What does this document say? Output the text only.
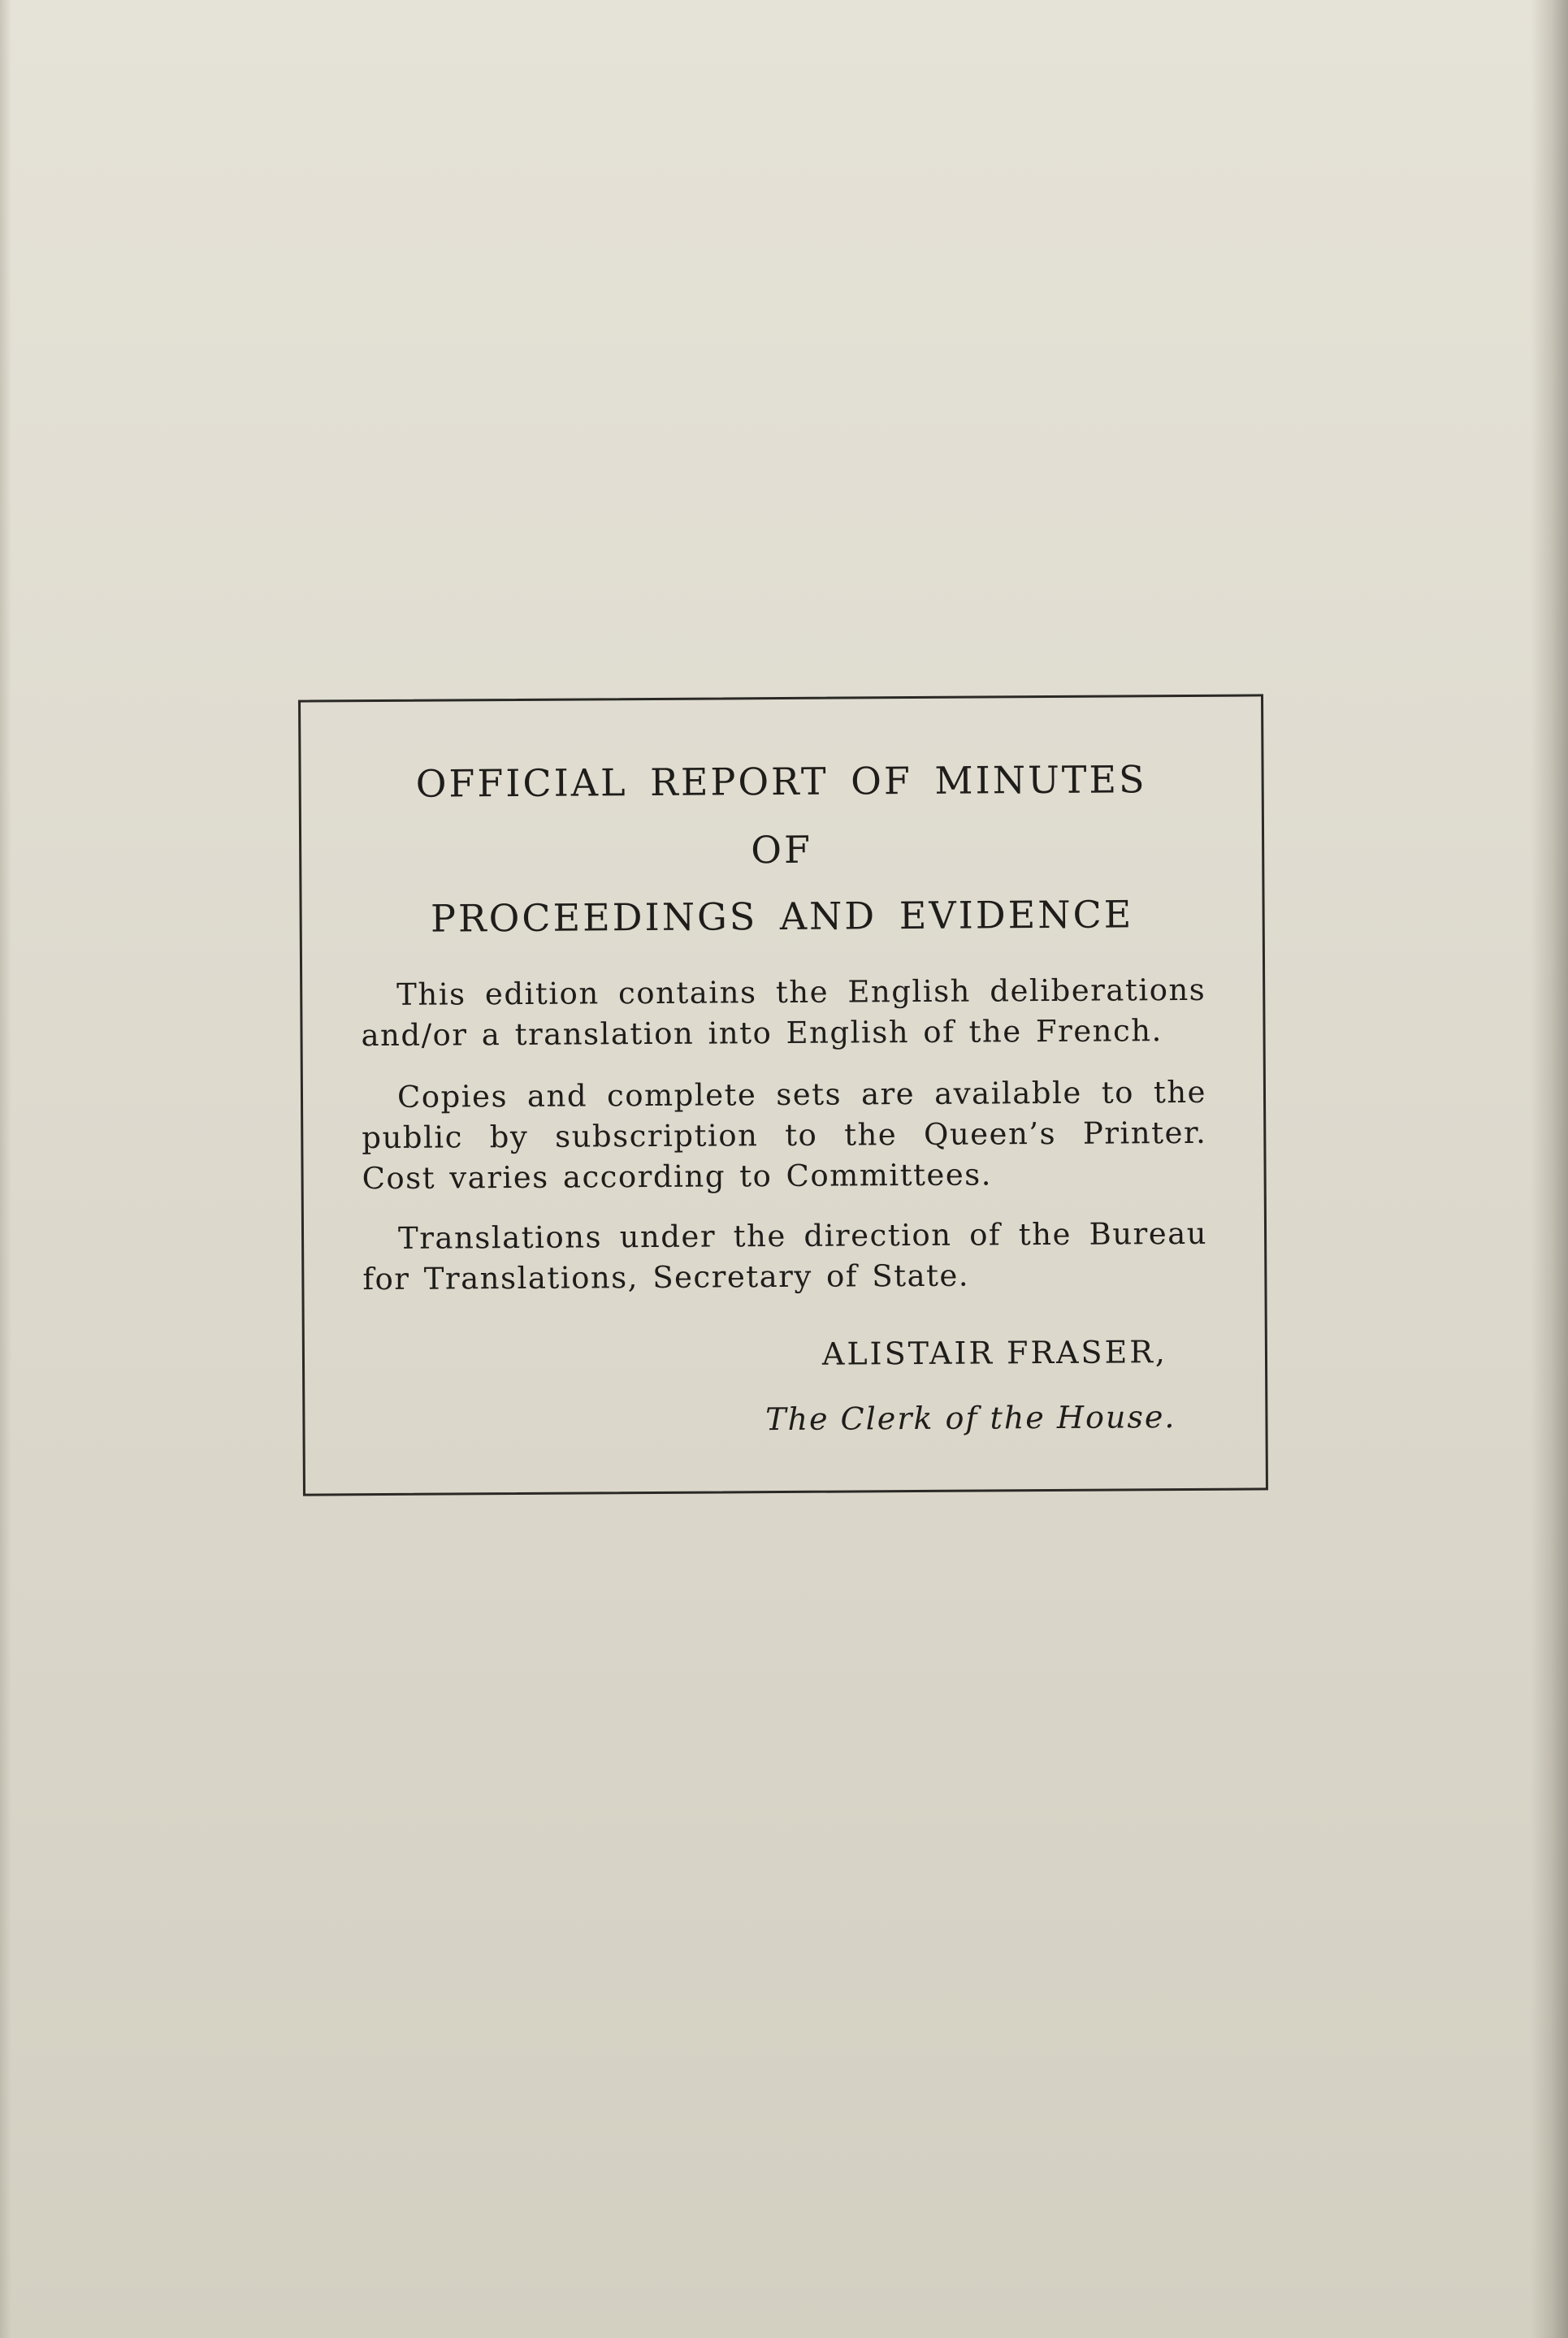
OFFICIAL REPORT OF MINUTES
OF
PROCEEDINGS AND EVIDENCE

This edition contains the English deliberations and/or a translation into English of the French.

Copies and complete sets are available to the public by subscription to the Queen’s Printer. Cost varies according to Committees.

Translations under the direction of the Bureau for Translations, Secretary of State.

ALISTAIR FRASER,
The Clerk of the House.
